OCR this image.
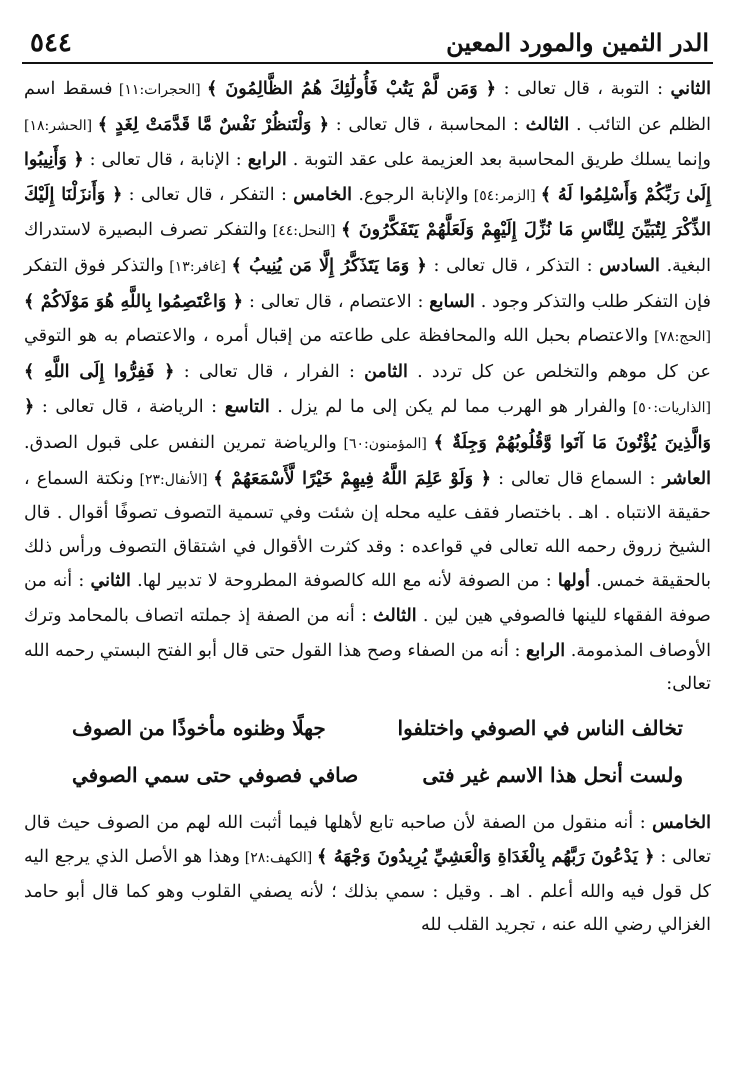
٥٤٤	الدر الثمين والمورد المعين

الثاني : التوبة ، قال تعالى : ﴿ وَمَن لَّمْ يَتُبْ فَأُولَٰئِكَ هُمُ الظَّالِمُونَ ﴾ [الحجرات:١١] فسقط اسم الظلم عن التائب . الثالث : المحاسبة ، قال تعالى : ﴿ وَلْتَنظُرْ نَفْسٌ مَّا قَدَّمَتْ لِغَدٍ ﴾ [الحشر:١٨] وإنما يسلك طريق المحاسبة بعد العزيمة على عقد التوبة . الرابع : الإنابة ، قال تعالى : ﴿ وَأَنِيبُوا إِلَىٰ رَبِّكُمْ وَأَسْلِمُوا لَهُ ﴾ [الزمر:٥٤] والإنابة الرجوع. الخامس : التفكر ، قال تعالى : ﴿ وَأَنزَلْنَا إِلَيْكَ الذِّكْرَ لِتُبَيِّنَ لِلنَّاسِ مَا نُزِّلَ إِلَيْهِمْ وَلَعَلَّهُمْ يَتَفَكَّرُونَ ﴾ [النحل:٤٤] والتفكر تصرف البصيرة لاستدراك البغية. السادس : التذكر ، قال تعالى : ﴿ وَمَا يَتَذَكَّرُ إِلَّا مَن يُنِيبُ ﴾ [غافر:١٣] والتذكر فوق التفكر فإن التفكر طلب والتذكر وجود . السابع : الاعتصام ، قال تعالى : ﴿ وَاعْتَصِمُوا بِاللَّهِ هُوَ مَوْلَاكُمْ ﴾ [الحج:٧٨] والاعتصام بحبل الله والمحافظة على طاعته من إقبال أمره ، والاعتصام به هو التوقي عن كل موهم والتخلص عن كل تردد . الثامن : الفرار ، قال تعالى : ﴿ فَفِرُّوا إِلَى اللَّهِ ﴾ [الذاريات:٥٠] والفرار هو الهرب مما لم يكن إلى ما لم يزل . التاسع : الرياضة ، قال تعالى : ﴿ وَالَّذِينَ يُؤْتُونَ مَا آتَوا وَّقُلُوبُهُمْ وَجِلَةٌ ﴾ [المؤمنون:٦٠] والرياضة تمرين النفس على قبول الصدق. العاشر : السماع قال تعالى : ﴿ وَلَوْ عَلِمَ اللَّهُ فِيهِمْ خَيْرًا لَّأَسْمَعَهُمْ ﴾ [الأنفال:٢٣] ونكتة السماع ، حقيقة الانتباه . اهـ . باختصار فقف عليه محله إن شئت وفي تسمية التصوف تصوفًا أقوال . قال الشيخ زروق رحمه الله تعالى في قواعده : وقد كثرت الأقوال في اشتقاق التصوف ورأس ذلك بالحقيقة خمس. أولها : من الصوفة لأنه مع الله كالصوفة المطروحة لا تدبير لها. الثاني : أنه من صوفة الفقهاء للينها فالصوفي هين لين . الثالث : أنه من الصفة إذ جملته اتصاف بالمحامد وترك الأوصاف المذمومة. الرابع : أنه من الصفاء وصح هذا القول حتى قال أبو الفتح البستي رحمه الله تعالى:

تخالف الناس في الصوفي واختلفوا
جهلًا وظنوه مأخوذًا من الصوف
ولست أنحل هذا الاسم غير فتى
صافي فصوفي حتى سمي الصوفي

الخامس : أنه منقول من الصفة لأن صاحبه تابع لأهلها فيما أثبت الله لهم من الصوف حيث قال تعالى : ﴿ يَدْعُونَ رَبَّهُم بِالْغَدَاةِ وَالْعَشِيِّ يُرِيدُونَ وَجْهَهُ ﴾ [الكهف:٢٨] وهذا هو الأصل الذي يرجع اليه كل قول فيه والله أعلم . اهـ . وقيل : سمي بذلك ؛ لأنه يصفي القلوب وهو كما قال أبو حامد الغزالي رضي الله عنه ، تجريد القلب لله
